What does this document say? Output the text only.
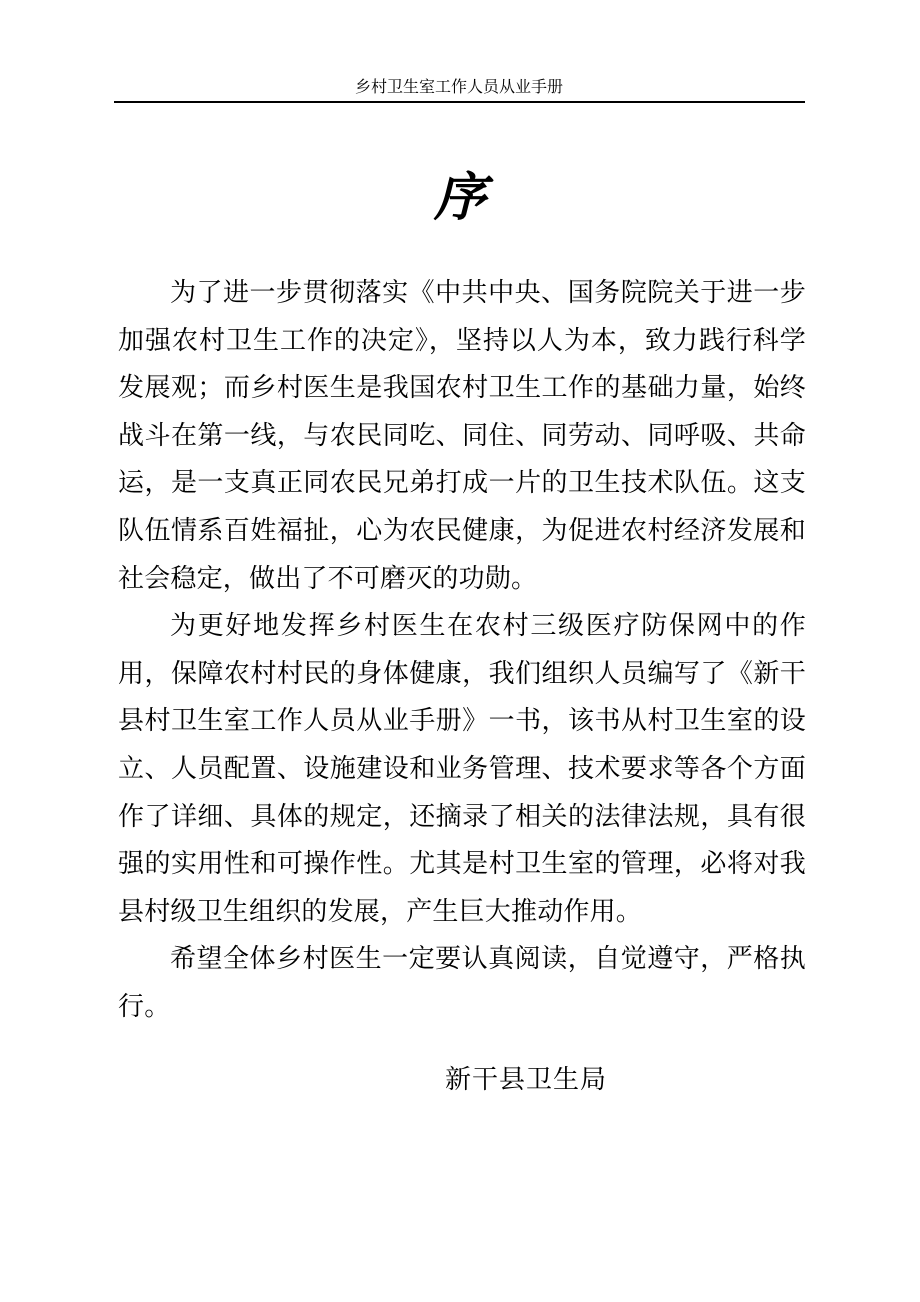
乡村卫生室工作人员从业手册
序

为了进一步贯彻落实《中共中央、国务院院关于进一步加强农村卫生工作的决定》，坚持以人为本，致力践行科学发展观；而乡村医生是我国农村卫生工作的基础力量，始终战斗在第一线，与农民同吃、同住、同劳动、同呼吸、共命运，是一支真正同农民兄弟打成一片的卫生技术队伍。这支队伍情系百姓福扯，心为农民健康，为促进农村经济发展和社会稳定，做出了不可磨灭的功勋。

为更好地发挥乡村医生在农村三级医疗防保网中的作用，保障农村村民的身体健康，我们组织人员编写了《新干县村卫生室工作人员从业手册》一书，该书从村卫生室的设立、人员配置、设施建设和业务管理、技术要求等各个方面作了详细、具体的规定，还摘录了相关的法律法规，具有很强的实用性和可操作性。尤其是村卫生室的管理，必将对我县村级卫生组织的发展，产生巨大推动作用。

希望全体乡村医生一定要认真阅读，自觉遵守，严格执行。

新干县卫生局
